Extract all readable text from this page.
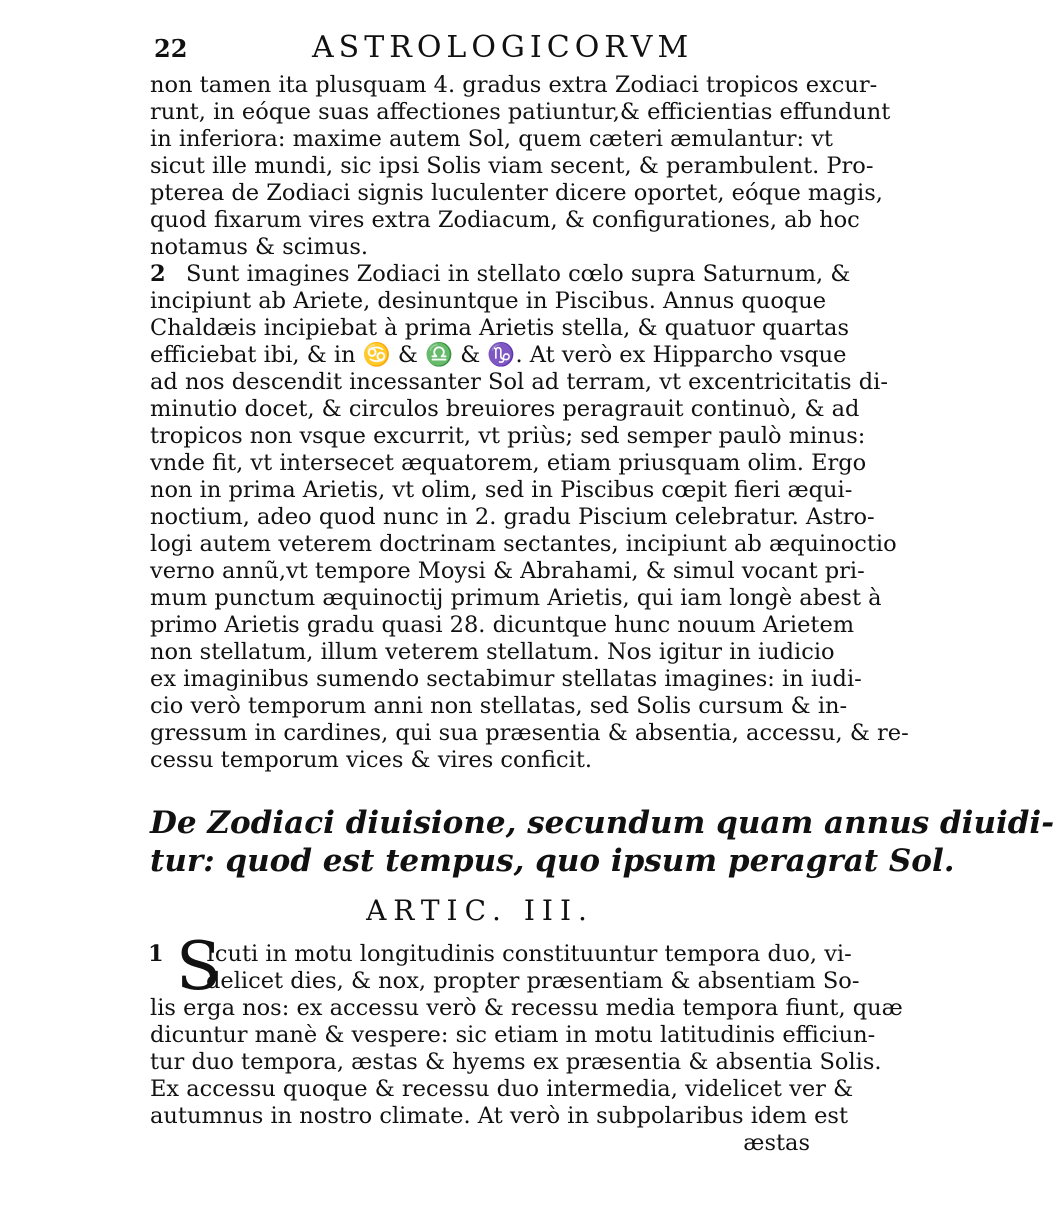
22	ASTROLOGICORVM
non tamen ita plusquam 4. gradus extra Zodiaci tropicos excur-
runt, in eóque suas affectiones patiuntur,& efficientias effundunt
in inferiora: maxime autem Sol, quem cæteri æmulantur: vt
sicut ille mundi, sic ipsi Solis viam secent, & perambulent. Pro-
pterea de Zodiaci signis luculenter dicere oportet, eóque magis,
quod fixarum vires extra Zodiacum, & configurationes, ab hoc
notamus & scimus.
2 Sunt imagines Zodiaci in stellato cœlo supra Saturnum, &
incipiunt ab Ariete, desinuntque in Piscibus. Annus quoque
Chaldæis incipiebat à prima Arietis stella, & quatuor quartas
efficiebat ibi, & in ♋ & ♎ & ♑. At verò ex Hipparcho vsque
ad nos descendit incessanter Sol ad terram, vt excentricitatis di-
minutio docet, & circulos breuiores peragrauit continuò, & ad
tropicos non vsque excurrit, vt priùs; sed semper paulò minus:
vnde fit, vt intersecet æquatorem, etiam priusquam olim. Ergo
non in prima Arietis, vt olim, sed in Piscibus cœpit fieri æqui-
noctium, adeo quod nunc in 2. gradu Piscium celebratur. Astro-
logi autem veterem doctrinam sectantes, incipiunt ab æquinoctio
verno annũ,vt tempore Moysi & Abrahami, & simul vocant pri-
mum punctum æquinoctij primum Arietis, qui iam longè abest à
primo Arietis gradu quasi 28. dicuntque hunc nouum Arietem
non stellatum, illum veterem stellatum. Nos igitur in iudicio
ex imaginibus sumendo sectabimur stellatas imagines: in iudi-
cio verò temporum anni non stellatas, sed Solis cursum & in-
gressum in cardines, qui sua præsentia & absentia, accessu, & re-
cessu temporum vices & vires conficit.
De Zodiaci diuisione, secundum quam annus diuidi-
tur: quod est tempus, quo ipsum peragrat Sol.
ARTIC. III.
1 S
Icuti in motu longitudinis constituuntur tempora duo, vi-
delicet dies, & nox, propter præsentiam & absentiam So-
lis erga nos: ex accessu verò & recessu media tempora fiunt, quæ
dicuntur manè & vespere: sic etiam in motu latitudinis efficiun-
tur duo tempora, æstas & hyems ex præsentia & absentia Solis.
Ex accessu quoque & recessu duo intermedia, videlicet ver &
autumnus in nostro climate. At verò in subpolaribus idem est
æstas
